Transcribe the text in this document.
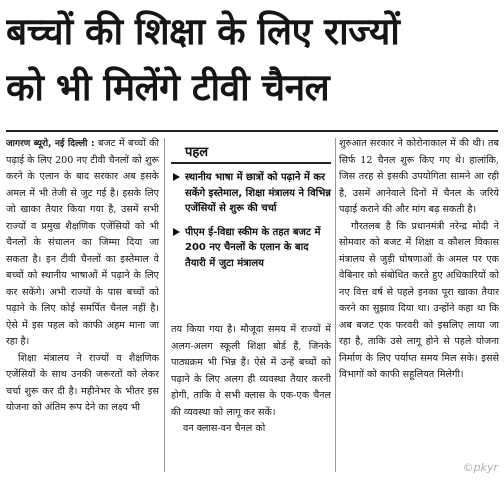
बच्चों की शिक्षा के लिए राज्यों
को भी मिलेंगे टीवी चैनल

जागरण ब्यूरो, नई दिल्ली : बजट में बच्चों की पढ़ाई के लिए 200 नए टीवी चैनलों को शुरू करने के एलान के बाद सरकार अब इसके अमल में भी तेजी से जुट गई है। इसके लिए जो खाका तैयार किया गया है, उसमें सभी राज्यों व प्रमुख शैक्षणिक एजेंसियों को भी चैनलों के संचालन का जिम्मा दिया जा सकता है। इन टीवी चैनलों का इस्तेमाल वे बच्चों को स्थानीय भाषाओं में पढ़ाने के लिए कर सकेंगे। अभी राज्यों के पास बच्चों को पढ़ाने के लिए कोई समर्पित चैनल नहीं है। ऐसे में इस पहल को काफी अहम माना जा रहा है।

शिक्षा मंत्रालय ने राज्यों व शैक्षणिक एजेंसियों के साथ उनकी जरूरतों को लेकर चर्चा शुरू कर दी है। महीनेभर के भीतर इस योजना को अंतिम रूप देने का लक्ष्य भी

पहल
स्थानीय भाषा में छात्रों को पढ़ाने में कर सकेंगे इस्तेमाल, शिक्षा मंत्रालय ने विभिन्न एजेंसियों से शुरू की चर्चा
पीएम ई-विद्या स्कीम के तहत बजट में 200 नए चैनलों के एलान के बाद तैयारी में जुटा मंत्रालय

तय किया गया है। मौजूदा समय में राज्यों में अलग-अलग स्कूली शिक्षा बोर्ड हैं, जिनके पाठ्यक्रम भी भिन्न हैं। ऐसे में उन्हें बच्चों को पढ़ाने के लिए अलग ही व्यवस्था तैयार करनी होगी, ताकि वे सभी क्लास के एक-एक चैनल की व्यवस्था को लागू कर सकें।

वन क्लास-वन चैनल को

शुरुआत सरकार ने कोरोनाकाल में की थी। तब सिर्फ 12 चैनल शुरू किए गए थे। हालांकि, जिस तरह से इसकी उपयोगिता सामने आ रही है, उसमें आनेवाले दिनों में चैनल के जरिये पढ़ाई कराने की और मांग बढ़ सकती है।

गौरतलब है कि प्रधानमंत्री नरेन्द्र मोदी ने सोमवार को बजट में शिक्षा व कौशल विकास मंत्रालय से जुड़ी घोषणाओं के अमल पर एक वेबिनार को संबोधित करते हुए अधिकारियों को नए वित्त वर्ष से पहले इनका पूरा खाका तैयार करने का सुझाव दिया था। उन्होंने कहा था कि अब बजट एक फरवरी को इसलिए लाया जा रहा है, ताकि उसे लागू होने से पहले योजना निर्माण के लिए पर्याप्त समय मिल सके। इससे विभागों को काफी सहूलियत मिलेगी।

©pkyr
